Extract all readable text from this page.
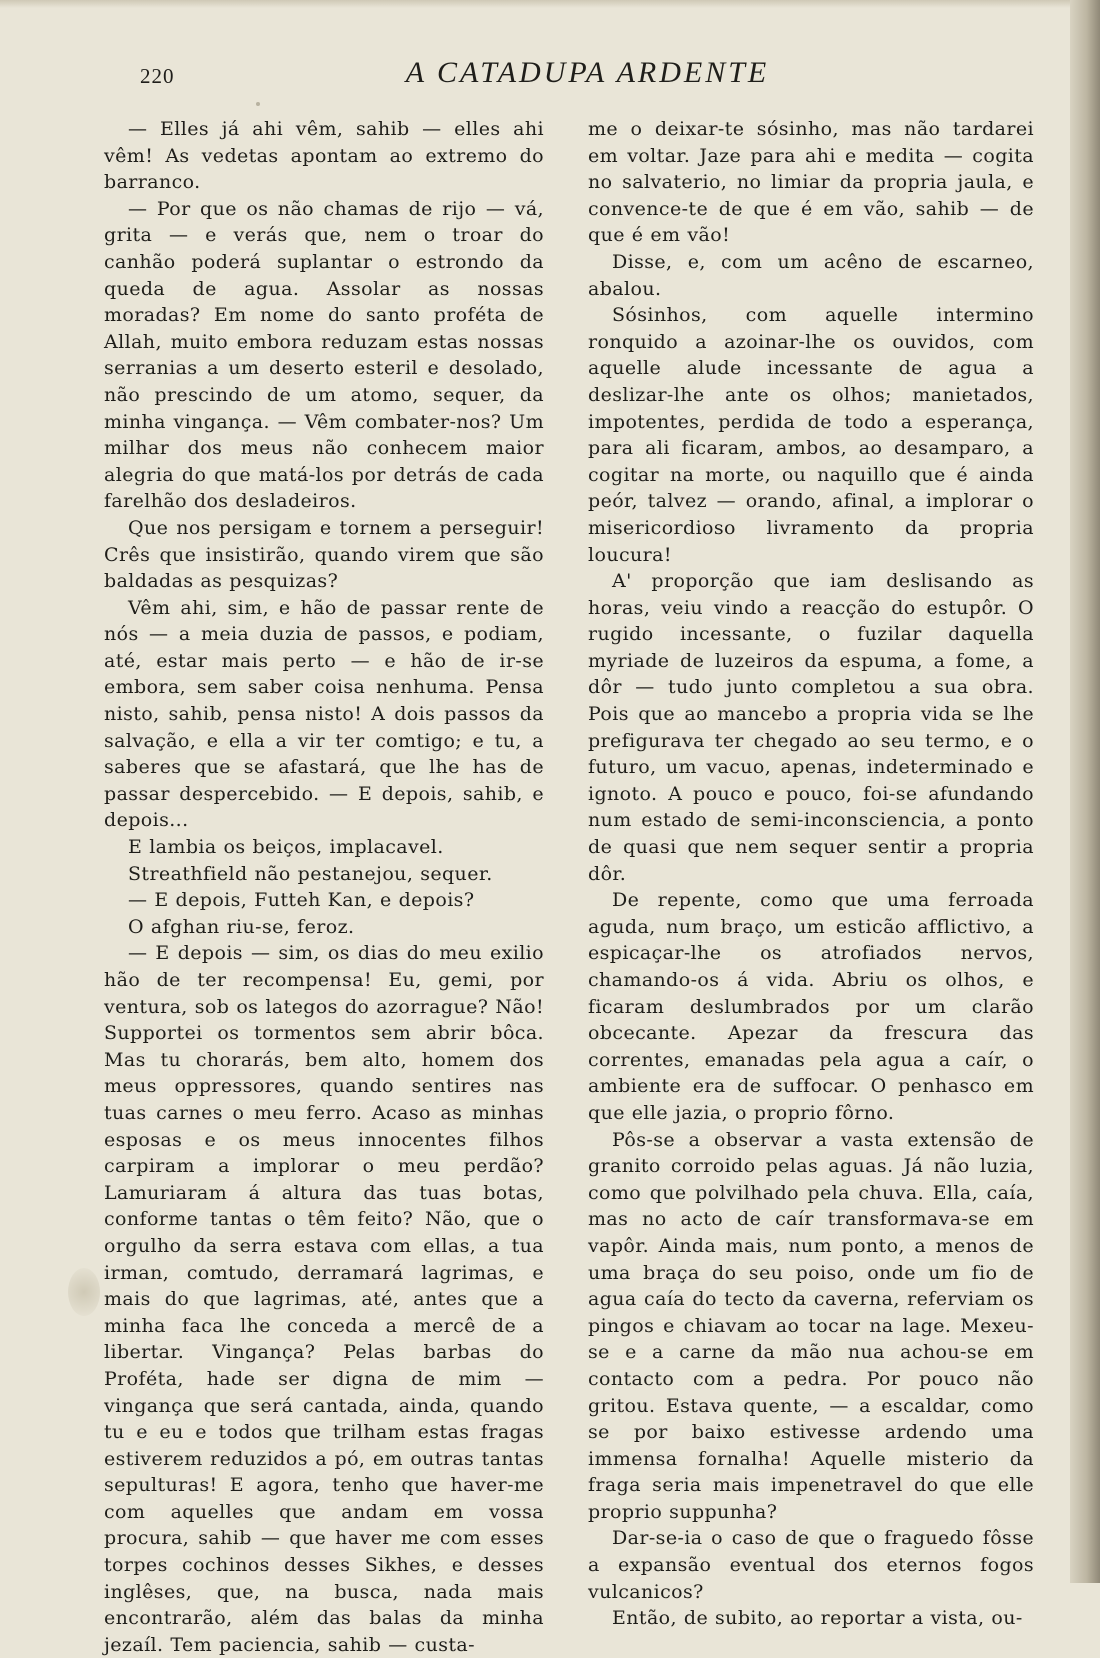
220	A CATADUPA ARDENTE

— Elles já ahi vêm, sahib — elles ahi vêm! As vedetas apontam ao extremo do barranco.

— Por que os não chamas de rijo — vá, grita — e verás que, nem o troar do canhão poderá suplantar o estrondo da queda de agua. Assolar as nossas moradas? Em nome do santo proféta de Allah, muito embora reduzam estas nossas serranias a um deserto esteril e desolado, não prescindo de um atomo, sequer, da minha vingança. — Vêm combater-nos? Um milhar dos meus não conhecem maior alegria do que matá-los por detrás de cada farelhão dos desladeiros.

Que nos persigam e tornem a perseguir! Crês que insistirão, quando virem que são baldadas as pesquizas?

Vêm ahi, sim, e hão de passar rente de nós — a meia duzia de passos, e podiam, até, estar mais perto — e hão de ir-se embora, sem saber coisa nenhuma. Pensa nisto, sahib, pensa nisto! A dois passos da salvação, e ella a vir ter comtigo; e tu, a saberes que se afastará, que lhe has de passar despercebido. — E depois, sahib, e depois...

E lambia os beiços, implacavel.

Streathfield não pestanejou, sequer.

— E depois, Futteh Kan, e depois?

O afghan riu-se, feroz.

— E depois — sim, os dias do meu exilio hão de ter recompensa! Eu, gemi, por ventura, sob os lategos do azorrague? Não! Supportei os tormentos sem abrir bôca. Mas tu chorarás, bem alto, homem dos meus oppressores, quando sentires nas tuas carnes o meu ferro. Acaso as minhas esposas e os meus innocentes filhos carpiram a implorar o meu perdão? Lamuriaram á altura das tuas botas, conforme tantas o têm feito? Não, que o orgulho da serra estava com ellas, a tua irman, comtudo, derramará lagrimas, e mais do que lagrimas, até, antes que a minha faca lhe conceda a mercê de a libertar. Vingança? Pelas barbas do Proféta, hade ser digna de mim — vingança que será cantada, ainda, quando tu e eu e todos que trilham estas fragas estiverem reduzidos a pó, em outras tantas sepulturas! E agora, tenho que haver-me com aquelles que andam em vossa procura, sahib — que haver me com esses torpes cochinos desses Sikhes, e desses inglêses, que, na busca, nada mais encontrarão, além das balas da minha jezaíl. Tem paciencia, sahib — custa-

me o deixar-te sósinho, mas não tardarei em voltar. Jaze para ahi e medita — cogita no salvaterio, no limiar da propria jaula, e convence-te de que é em vão, sahib — de que é em vão!

Disse, e, com um acêno de escarneo, abalou.

Sósinhos, com aquelle intermino ronquido a azoinar-lhe os ouvidos, com aquelle alude incessante de agua a deslizar-lhe ante os olhos; manietados, impotentes, perdida de todo a esperança, para ali ficaram, ambos, ao desamparo, a cogitar na morte, ou naquillo que é ainda peór, talvez — orando, afinal, a implorar o misericordioso livramento da propria loucura!

A' proporção que iam deslisando as horas, veiu vindo a reacção do estupôr. O rugido incessante, o fuzilar daquella myriade de luzeiros da espuma, a fome, a dôr — tudo junto completou a sua obra. Pois que ao mancebo a propria vida se lhe prefigurava ter chegado ao seu termo, e o futuro, um vacuo, apenas, indeterminado e ignoto. A pouco e pouco, foi-se afundando num estado de semi-inconsciencia, a ponto de quasi que nem sequer sentir a propria dôr.

De repente, como que uma ferroada aguda, num braço, um esticão afflictivo, a espicaçar-lhe os atrofiados nervos, chamando-os á vida. Abriu os olhos, e ficaram deslumbrados por um clarão obcecante. Apezar da frescura das correntes, emanadas pela agua a caír, o ambiente era de suffocar. O penhasco em que elle jazia, o proprio fôrno.

Pôs-se a observar a vasta extensão de granito corroido pelas aguas. Já não luzia, como que polvilhado pela chuva. Ella, caía, mas no acto de caír transformava-se em vapôr. Ainda mais, num ponto, a menos de uma braça do seu poiso, onde um fio de agua caía do tecto da caverna, referviam os pingos e chiavam ao tocar na lage. Mexeu-se e a carne da mão nua achou-se em contacto com a pedra. Por pouco não gritou. Estava quente, — a escaldar, como se por baixo estivesse ardendo uma immensa fornalha! Aquelle misterio da fraga seria mais impenetravel do que elle proprio suppunha?

Dar-se-ia o caso de que o fraguedo fôsse a expansão eventual dos eternos fogos vulcanicos?

Então, de subito, ao reportar a vista, ou-
